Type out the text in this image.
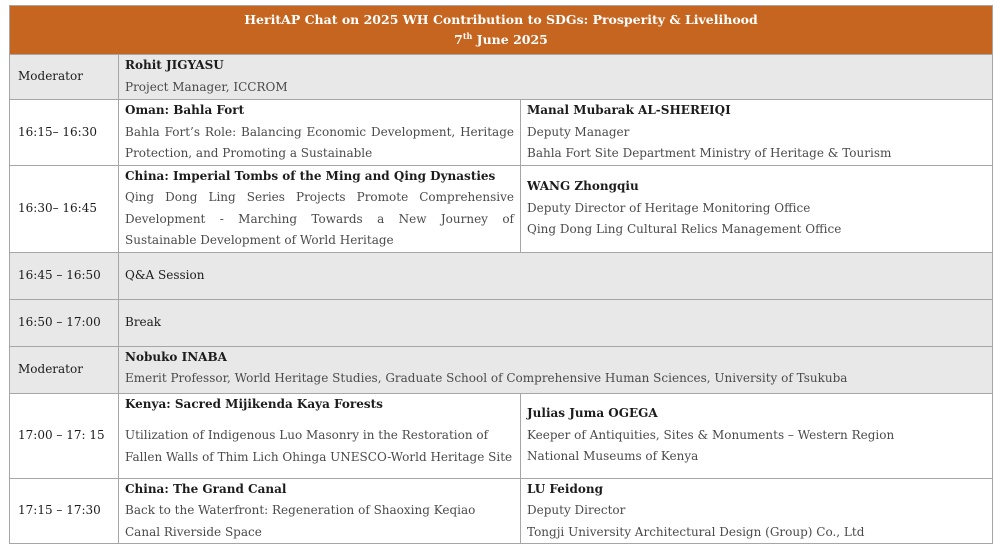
HeritAP Chat on 2025 WH Contribution to SDGs: Prosperity & Livelihood
7th June 2025		

Moderator	Rohit JIGYASU
Project Manager, ICCROM	

16:15– 16:30	Oman: Bahla Fort
Bahla Fort’s Role: Balancing Economic Development, Heritage Protection, and Promoting a Sustainable	Manal Mubarak AL-SHEREIQI
Deputy Manager
Bahla Fort Site Department Ministry of Heritage & Tourism

16:30– 16:45	China: Imperial Tombs of the Ming and Qing Dynasties
Qing Dong Ling Series Projects Promote Comprehensive Development - Marching Towards a New Journey of Sustainable Development of World Heritage	WANG Zhongqiu
Deputy Director of Heritage Monitoring Office
Qing Dong Ling Cultural Relics Management Office

16:45 – 16:50	Q&A Session	
16:50 – 17:00	Break	
Moderator	Nobuko INABA
Emerit Professor, World Heritage Studies, Graduate School of Comprehensive Human Sciences, University of Tsukuba	

17:00 – 17: 15	Kenya: Sacred Mijikenda Kaya Forests
Utilization of Indigenous Luo Masonry in the Restoration of Fallen Walls of Thim Lich Ohinga UNESCO-World Heritage Site	Julias Juma OGEGA
Keeper of Antiquities, Sites & Monuments – Western Region
National Museums of Kenya

17:15 – 17:30	China: The Grand Canal
Back to the Waterfront: Regeneration of Shaoxing Keqiao Canal Riverside Space	LU Feidong
Deputy Director
Tongji University Architectural Design (Group) Co., Ltd
